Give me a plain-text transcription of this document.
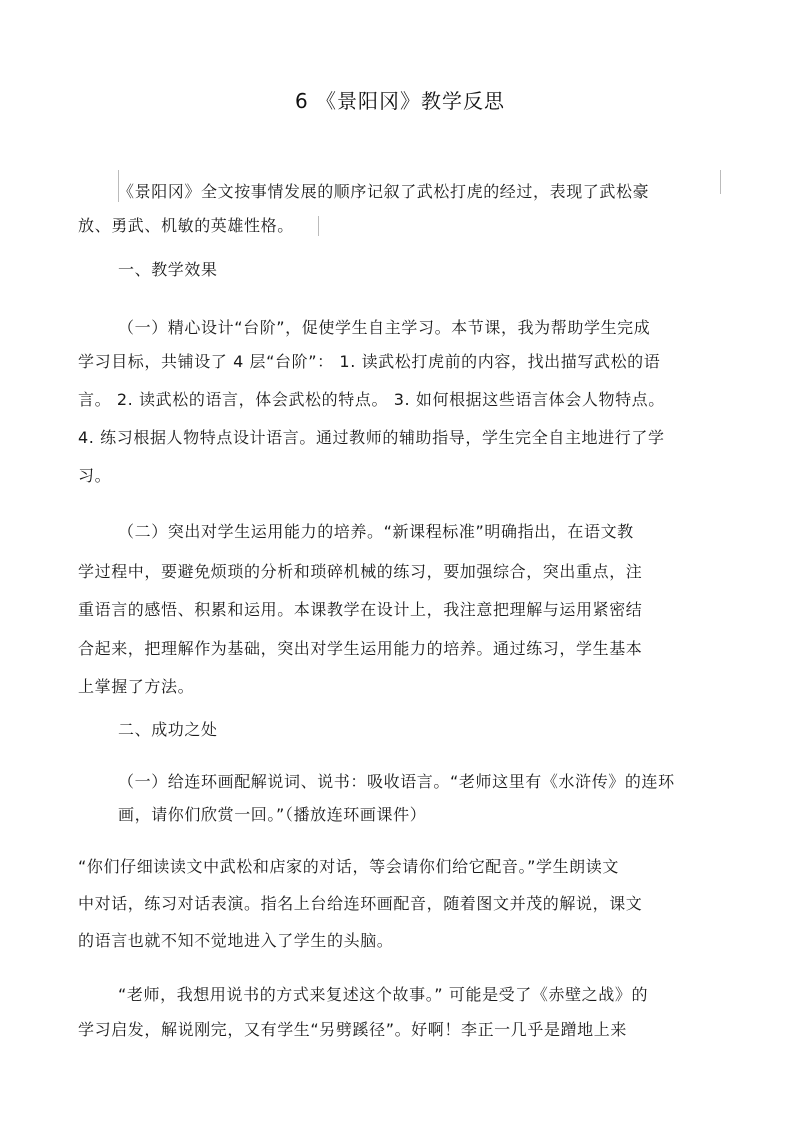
6 《景阳冈》教学反思
《景阳冈》全文按事情发展的顺序记叙了武松打虎的经过，表现了武松豪
放、勇武、机敏的英雄性格。
一、教学效果
（一）精心设计“台阶”，促使学生自主学习。本节课，我为帮助学生完成
学习目标，共铺设了 4 层“台阶”： 1. 读武松打虎前的内容，找出描写武松的语
言。 2. 读武松的语言，体会武松的特点。 3. 如何根据这些语言体会人物特点。
4. 练习根据人物特点设计语言。通过教师的辅助指导，学生完全自主地进行了学
习。
（二）突出对学生运用能力的培养。“新课程标准”明确指出，在语文教
学过程中，要避免烦琐的分析和琐碎机械的练习，要加强综合，突出重点，注
重语言的感悟、积累和运用。本课教学在设计上，我注意把理解与运用紧密结
合起来，把理解作为基础，突出对学生运用能力的培养。通过练习，学生基本
上掌握了方法。
二、成功之处
（一）给连环画配解说词、说书：吸收语言。“老师这里有《水浒传》的连环
画，请你们欣赏一回。”（播放连环画课件）
“你们仔细读读文中武松和店家的对话，等会请你们给它配音。”学生朗读文
中对话，练习对话表演。指名上台给连环画配音，随着图文并茂的解说，课文
的语言也就不知不觉地进入了学生的头脑。
“老师，我想用说书的方式来复述这个故事。” 可能是受了《赤壁之战》的
学习启发，解说刚完，又有学生“另劈蹊径”。好啊！李正一几乎是蹭地上来
